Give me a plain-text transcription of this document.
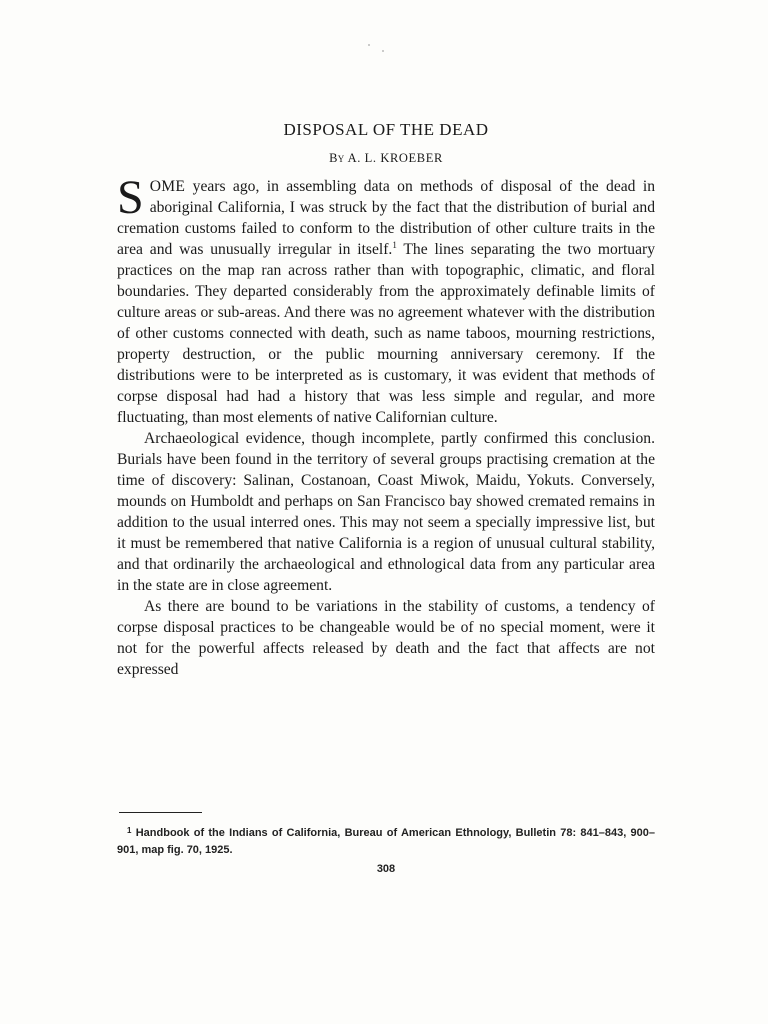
DISPOSAL OF THE DEAD
By A. L. KROEBER

SOME years ago, in assembling data on methods of disposal of the dead in aboriginal California, I was struck by the fact that the distribution of burial and cremation customs failed to conform to the distribution of other culture traits in the area and was unusually irregular in itself.$^1$ The lines separating the two mortuary practices on the map ran across rather than with topographic, climatic, and floral boundaries. They departed considerably from the approximately definable limits of culture areas or sub-areas. And there was no agreement whatever with the distribution of other customs connected with death, such as name taboos, mourning restrictions, property destruction, or the public mourning anniversary ceremony. If the distributions were to be interpreted as is customary, it was evident that methods of corpse disposal had had a history that was less simple and regular, and more fluctuating, than most elements of native Californian culture.

Archaeological evidence, though incomplete, partly confirmed this conclusion. Burials have been found in the territory of several groups practising cremation at the time of discovery: Salinan, Costanoan, Coast Miwok, Maidu, Yokuts. Conversely, mounds on Humboldt and perhaps on San Francisco bay showed cremated remains in addition to the usual interred ones. This may not seem a specially impressive list, but it must be remembered that native California is a region of unusual cultural stability, and that ordinarily the archaeological and ethnological data from any particular area in the state are in close agreement.

As there are bound to be variations in the stability of customs, a tendency of corpse disposal practices to be changeable would be of no special moment, were it not for the powerful affects released by death and the fact that affects are not expressed

$^1$ Handbook of the Indians of California, Bureau of American Ethnology, Bulletin 78: 841–843, 900–901, map fig. 70, 1925.
308
